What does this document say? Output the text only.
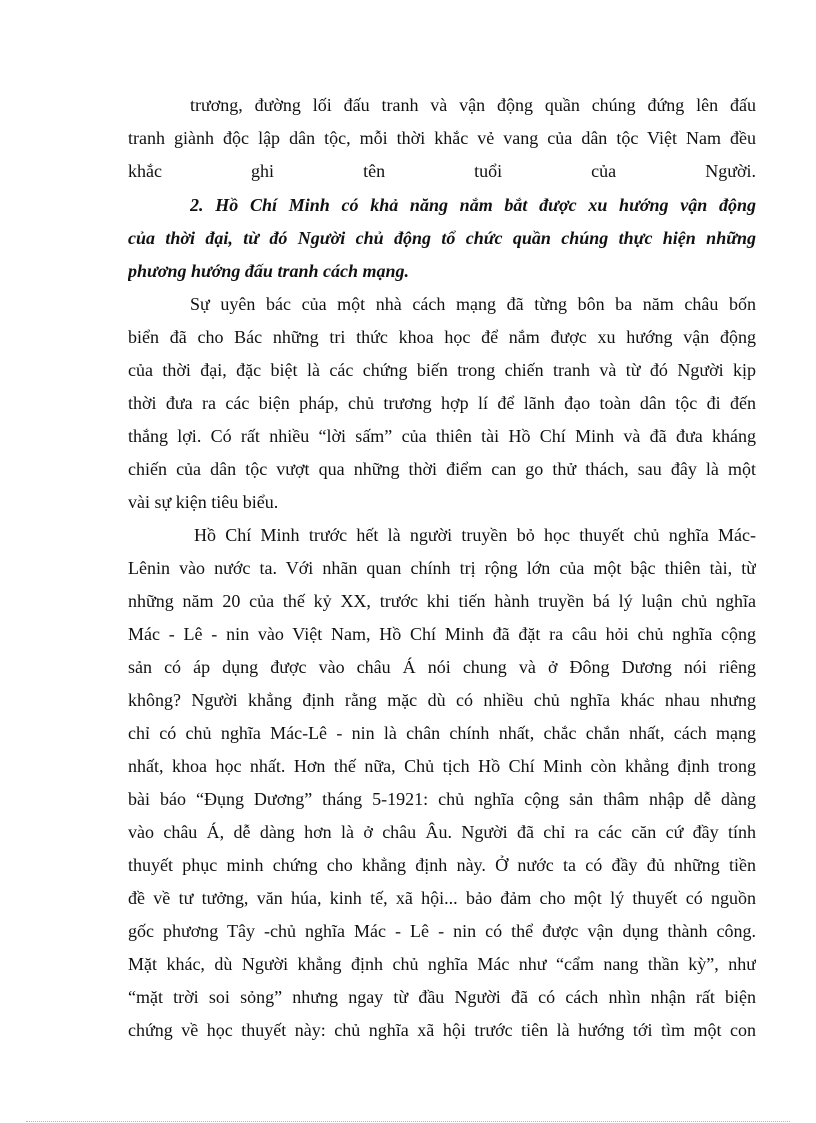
trương, đường lối đấu tranh và vận động quần chúng đứng lên đấu
tranh giành độc lập dân tộc, mỗi thời khắc vẻ vang của dân tộc Việt Nam đều
khắc ghi tên tuổi của Người.
2. Hồ Chí Minh có khả năng nắm bắt được xu hướng vận động
của thời đại, từ đó Người chủ động tổ chức quần chúng thực hiện những
phương hướng đấu tranh cách mạng.
Sự uyên bác của một nhà cách mạng đã từng bôn ba năm châu bốn
biển đã cho Bác những tri thức khoa học để nắm được xu hướng vận động
của thời đại, đặc biệt là các chứng biến trong chiến tranh và từ đó Người kịp
thời đưa ra các biện pháp, chủ trương hợp lí để lãnh đạo toàn dân tộc đi đến
thắng lợi. Có rất nhiều “lời sấm” của thiên tài Hồ Chí Minh và đã đưa kháng
chiến của dân tộc vượt qua những thời điểm can go thử thách, sau đây là một
vài sự kiện tiêu biểu.
Hồ Chí Minh trước hết là người truyền bỏ học thuyết chủ nghĩa Mác-
Lênin vào nước ta. Với nhãn quan chính trị rộng lớn của một bậc thiên tài, từ
những năm 20 của thế kỷ XX, trước khi tiến hành truyền bá lý luận chủ nghĩa
Mác - Lê - nin vào Việt Nam, Hồ Chí Minh đã đặt ra câu hỏi chủ nghĩa cộng
sản có áp dụng được vào châu Á nói chung và ở Đông Dương nói riêng
không? Người khẳng định rằng mặc dù có nhiều chủ nghĩa khác nhau nhưng
chỉ có chủ nghĩa Mác-Lê - nin là chân chính nhất, chắc chắn nhất, cách mạng
nhất, khoa học nhất. Hơn thế nữa, Chủ tịch Hồ Chí Minh còn khẳng định trong
bài báo “Đụng Dương” tháng 5-1921: chủ nghĩa cộng sản thâm nhập dễ dàng
vào châu Á, dễ dàng hơn là ở châu Âu. Người đã chỉ ra các căn cứ đầy tính
thuyết phục minh chứng cho khẳng định này. Ở nước ta có đầy đủ những tiền
đề về tư tưởng, văn húa, kinh tế, xã hội... bảo đảm cho một lý thuyết có nguồn
gốc phương Tây -chủ nghĩa Mác - Lê - nin có thể được vận dụng thành công.
Mặt khác, dù Người khẳng định chủ nghĩa Mác như “cẩm nang thần kỳ”, như
“mặt trời soi sỏng” nhưng ngay từ đầu Người đã có cách nhìn nhận rất biện
chứng về học thuyết này: chủ nghĩa xã hội trước tiên là hướng tới tìm một con
